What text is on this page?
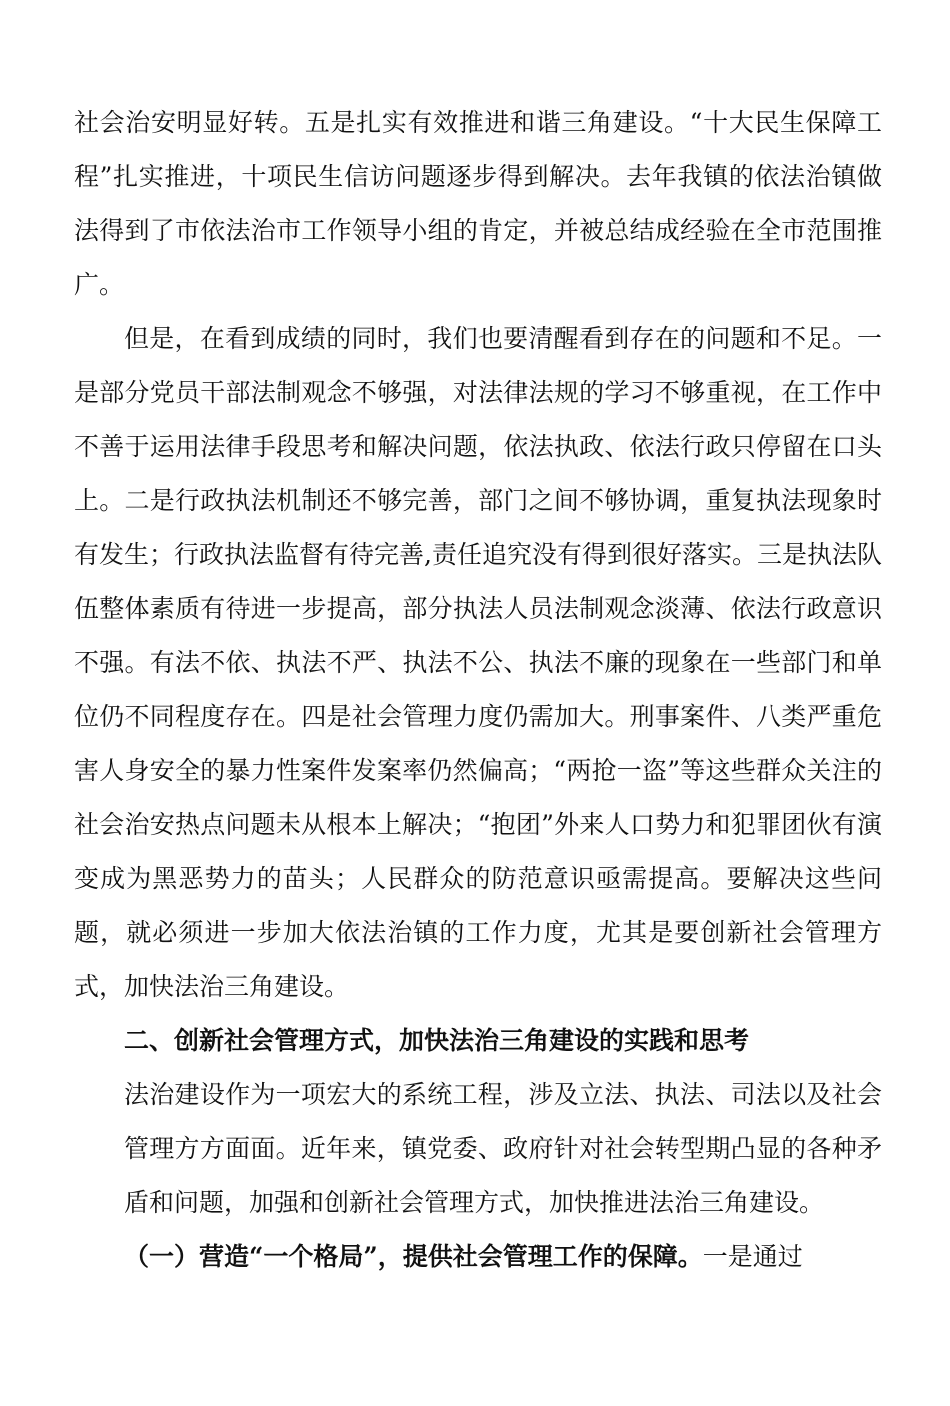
社会治安明显好转。五是扎实有效推进和谐三角建设。“十大民生保障工程”扎实推进，十项民生信访问题逐步得到解决。去年我镇的依法治镇做法得到了市依法治市工作领导小组的肯定，并被总结成经验在全市范围推广。

但是，在看到成绩的同时，我们也要清醒看到存在的问题和不足。一是部分党员干部法制观念不够强，对法律法规的学习不够重视，在工作中不善于运用法律手段思考和解决问题，依法执政、依法行政只停留在口头上。二是行政执法机制还不够完善，部门之间不够协调，重复执法现象时有发生；行政执法监督有待完善,责任追究没有得到很好落实。三是执法队伍整体素质有待进一步提高，部分执法人员法制观念淡薄、依法行政意识不强。有法不依、执法不严、执法不公、执法不廉的现象在一些部门和单位仍不同程度存在。四是社会管理力度仍需加大。刑事案件、八类严重危害人身安全的暴力性案件发案率仍然偏高；“两抢一盗”等这些群众关注的社会治安热点问题未从根本上解决；“抱团”外来人口势力和犯罪团伙有演变成为黑恶势力的苗头；人民群众的防范意识亟需提高。要解决这些问题，就必须进一步加大依法治镇的工作力度，尤其是要创新社会管理方式，加快法治三角建设。

二、创新社会管理方式，加快法治三角建设的实践和思考

法治建设作为一项宏大的系统工程，涉及立法、执法、司法以及社会管理方方面面。近年来，镇党委、政府针对社会转型期凸显的各种矛盾和问题，加强和创新社会管理方式，加快推进法治三角建设。

（一）营造“一个格局”，提供社会管理工作的保障。一是通过
